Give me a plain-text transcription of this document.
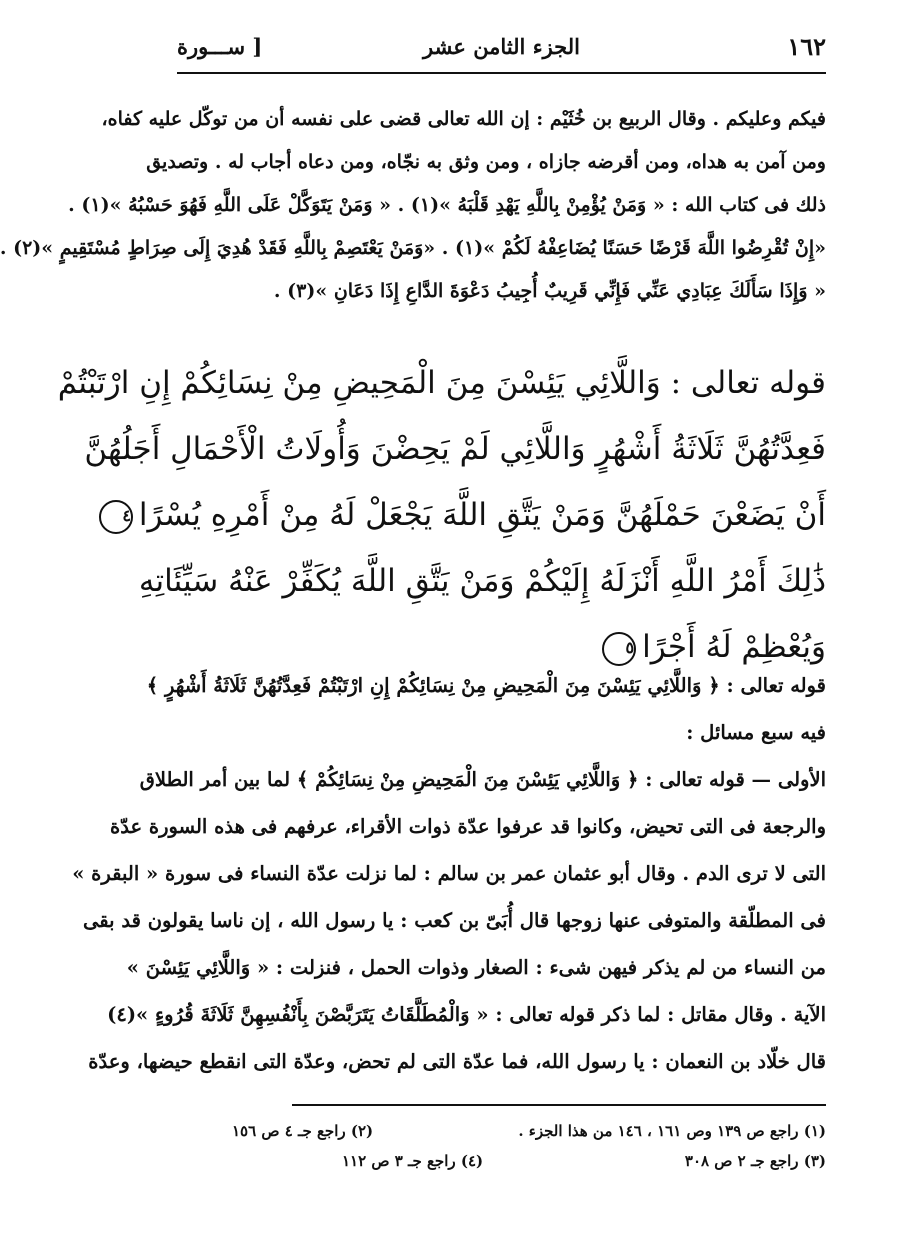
١٦٢
الجزء الثامن عشر
[ ســـورة
فيكم وعليكم . وقال الربيع بن خُثَيْم : إن الله تعالى قضى على نفسه أن من توكّل عليه كفاه،
ومن آمن به هداه، ومن أقرضه جازاه ، ومن وثق به نجّاه، ومن دعاه أجاب له . وتصديق
ذلك فى كتاب الله : « وَمَنْ يُؤْمِنْ بِاللَّهِ يَهْدِ قَلْبَهُ »(١) . « وَمَنْ يَتَوَكَّلْ عَلَى اللَّهِ فَهُوَ حَسْبُهُ »(١) .
«إِنْ تُقْرِضُوا اللَّهَ قَرْضًا حَسَنًا يُضَاعِفْهُ لَكُمْ »(١) . «وَمَنْ يَعْتَصِمْ بِاللَّهِ فَقَدْ هُدِيَ إِلَى صِرَاطٍ مُسْتَقِيمٍ »(٢) .
« وَإِذَا سَأَلَكَ عِبَادِي عَنِّي فَإِنِّي قَرِيبٌ أُجِيبُ دَعْوَةَ الدَّاعِ إِذَا دَعَانِ »(٣) .
قوله تعالى : وَاللَّائِي يَئِسْنَ مِنَ الْمَحِيضِ مِنْ نِسَائِكُمْ إِنِ ارْتَبْتُمْ
فَعِدَّتُهُنَّ ثَلَاثَةُ أَشْهُرٍ وَاللَّائِي لَمْ يَحِضْنَ وَأُولَاتُ الْأَحْمَالِ أَجَلُهُنَّ
أَنْ يَضَعْنَ حَمْلَهُنَّ وَمَنْ يَتَّقِ اللَّهَ يَجْعَلْ لَهُ مِنْ أَمْرِهِ يُسْرًا٤
ذَٰلِكَ أَمْرُ اللَّهِ أَنْزَلَهُ إِلَيْكُمْ وَمَنْ يَتَّقِ اللَّهَ يُكَفِّرْ عَنْهُ سَيِّئَاتِهِ
وَيُعْظِمْ لَهُ أَجْرًا٥
قوله تعالى : ﴿ وَاللَّائِي يَئِسْنَ مِنَ الْمَحِيضِ مِنْ نِسَائِكُمْ إِنِ ارْتَبْتُمْ فَعِدَّتُهُنَّ ثَلَاثَةُ أَشْهُرٍ ﴾
فيه سبع مسائل :
الأولى — قوله تعالى : ﴿ وَاللَّائِي يَئِسْنَ مِنَ الْمَحِيضِ مِنْ نِسَائِكُمْ ﴾ لما بين أمر الطلاق
والرجعة فى التى تحيض، وكانوا قد عرفوا عدّة ذوات الأقراء، عرفهم فى هذه السورة عدّة
التى لا ترى الدم . وقال أبو عثمان عمر بن سالم : لما نزلت عدّة النساء فى سورة « البقرة »
فى المطلّقة والمتوفى عنها زوجها قال أُبَىّ بن كعب : يا رسول الله ، إن ناسا يقولون قد بقى
من النساء من لم يذكر فيهن شىء : الصغار وذوات الحمل ، فنزلت : « وَاللَّائِي يَئِسْنَ »
الآية . وقال مقاتل : لما ذكر قوله تعالى : « وَالْمُطَلَّقَاتُ يَتَرَبَّصْنَ بِأَنْفُسِهِنَّ ثَلَاثَةَ قُرُوءٍ »(٤)
قال خلّاد بن النعمان : يا رسول الله، فما عدّة التى لم تحض، وعدّة التى انقطع حيضها، وعدّة
(١) راجع ص ١٣٩ وص ١٦١ ، ١٤٦ من هذا الجزء .
(٢) راجع جـ ٤ ص ١٥٦
(٣) راجع جـ ٢ ص ٣٠٨
(٤) راجع جـ ٣ ص ١١٢
